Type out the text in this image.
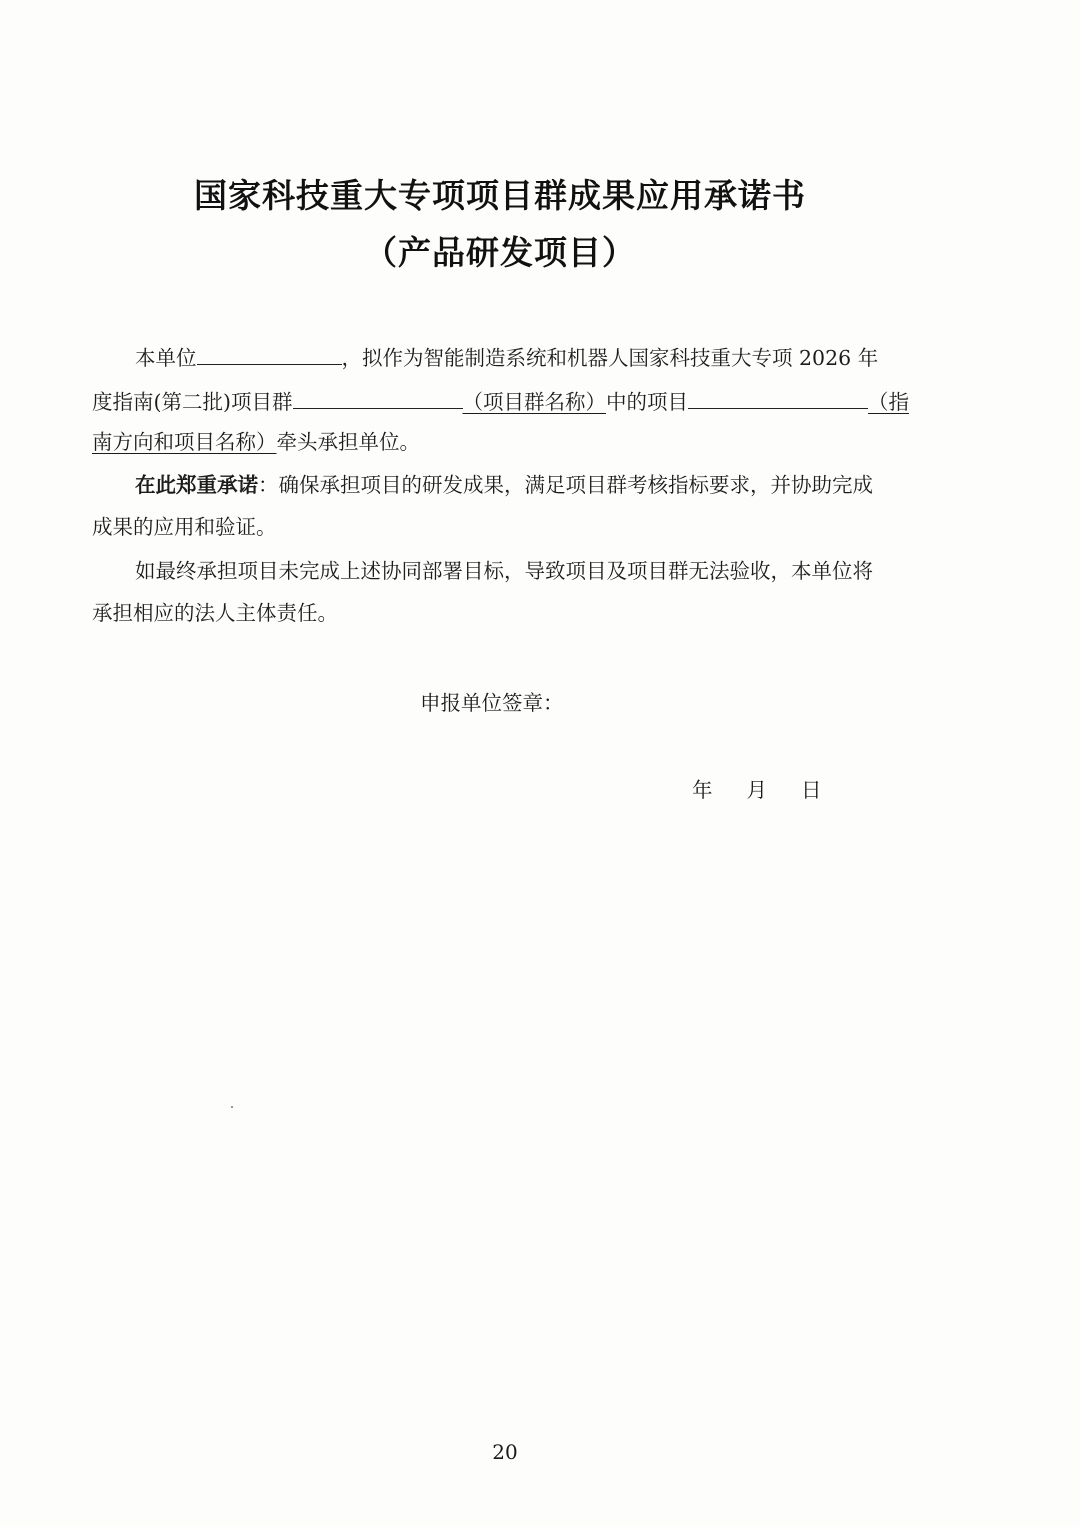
国家科技重大专项项目群成果应用承诺书
（产品研发项目）
本单位	，拟作为智能制造系统和机器人国家科技重大专项 2026 年
度指南(第二批)项目群	（项目群名称）中的项目	（指
南方向和项目名称）牵头承担单位。
在此郑重承诺：确保承担项目的研发成果，满足项目群考核指标要求，并协助完成
成果的应用和验证。
如最终承担项目未完成上述协同部署目标，导致项目及项目群无法验收，本单位将
承担相应的法人主体责任。
申报单位签章：
年 月 日
20
